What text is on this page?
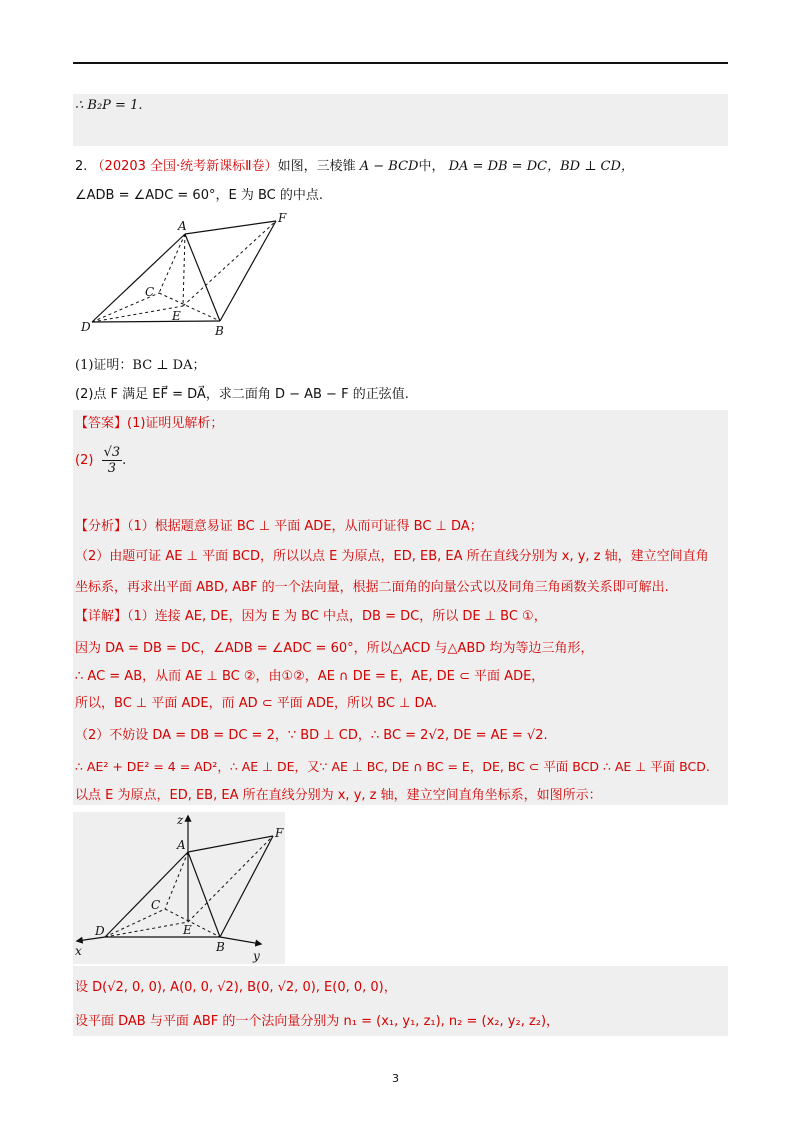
∴ B₂P = 1.
2. （20203 全国·统考新课标Ⅱ卷）如图，三棱锥 A − BCD中， DA = DB = DC，BD ⊥ CD，
∠ADB = ∠ADC = 60°，E 为 BC 的中点.
A
F
C
E
D	B
(1)证明：BC ⊥ DA；
(2)点 F 满足 EF⃗ = DA⃗，求二面角 D − AB − F 的正弦值.
【答案】(1)证明见解析；
$(2) \frac{√3}{3}$ .
【分析】（1）根据题意易证 BC ⊥ 平面 ADE，从而可证得 BC ⊥ DA；
（2）由题可证 AE ⊥ 平面 BCD，所以以点 E 为原点，ED, EB, EA 所在直线分别为 x, y, z 轴，建立空间直角
坐标系，再求出平面 ABD, ABF 的一个法向量，根据二面角的向量公式以及同角三角函数关系即可解出.
【详解】（1）连接 AE, DE，因为 E 为 BC 中点，DB = DC，所以 DE ⊥ BC ①，
因为 DA = DB = DC，∠ADB = ∠ADC = 60°，所以△ACD 与△ABD 均为等边三角形，
∴ AC = AB，从而 AE ⊥ BC ②，由①②，AE ∩ DE = E，AE, DE ⊂ 平面 ADE，
所以，BC ⊥ 平面 ADE，而 AD ⊂ 平面 ADE，所以 BC ⊥ DA.
（2）不妨设 DA = DB = DC = 2，∵ BD ⊥ CD，∴ BC = 2√2, DE = AE = √2.
∴ AE² + DE² = 4 = AD²，∴ AE ⊥ DE，又∵ AE ⊥ BC, DE ∩ BC = E，DE, BC ⊂ 平面 BCD ∴ AE ⊥ 平面 BCD.
以点 E 为原点，ED, EB, EA 所在直线分别为 x, y, z 轴，建立空间直角坐标系，如图所示：
z
A
F
C
E
D
B
x	y
设 D(√2, 0, 0), A(0, 0, √2), B(0, √2, 0), E(0, 0, 0)，
设平面 DAB 与平面 ABF 的一个法向量分别为 n₁ = (x₁, y₁, z₁), n₂ = (x₂, y₂, z₂)，
3
